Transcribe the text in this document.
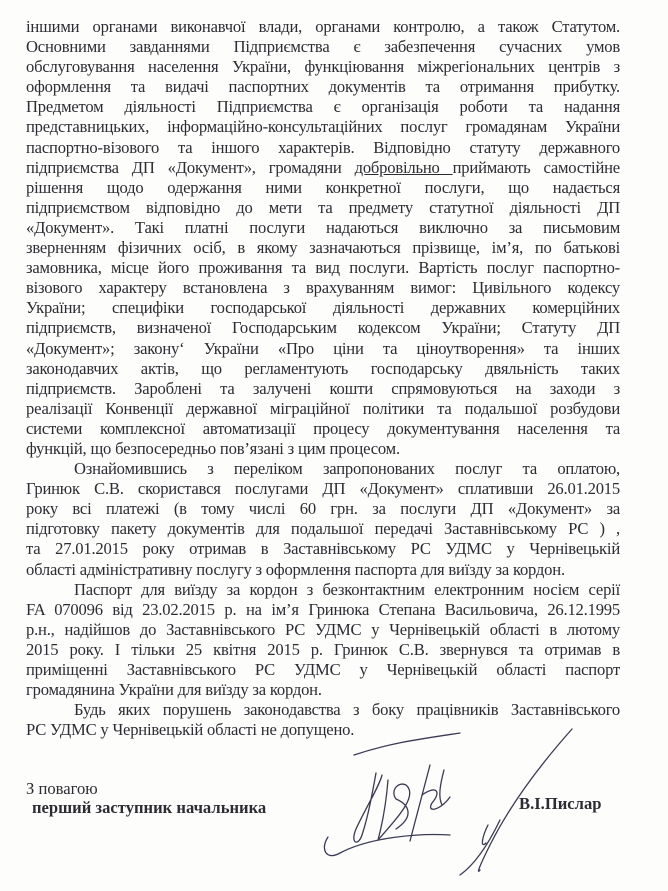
іншими органами виконавчої влади, органами контролю, а також Статутом.
Основними завданнями Підприємства є забезпечення сучасних умов
обслуговування населення України, функціювання міжрегіональних центрів з
оформлення та видачі паспортних документів та отримання прибутку.
Предметом діяльності Підприємства є організація роботи та надання
представницьких, інформаційно-консультаційних послуг громадянам України
паспортно-візового та іншого характерів. Відповідно статуту державного
підприємства ДП «Документ», громадяни добровільно приймають самостійне
рішення щодо одержання ними конкретної послуги, що надається
підприємством відповідно до мети та предмету статутної діяльності ДП
«Документ». Такі платні послуги надаються виключно за письмовим
зверненням фізичних осіб, в якому зазначаються прізвище, ім’я, по батькові
замовника, місце його проживання та вид послуги. Вартість послуг паспортно-
візового характеру встановлена з врахуванням вимог: Цивільного кодексу
України; специфіки господарської діяльності державних комерційних
підприємств, визначеної Господарським кодексом України; Статуту ДП
«Документ»; закону‘ України «Про ціни та ціноутворення» та інших
законодавчих актів, що регламентують господарську двяльність таких
підприємств. Зароблені та залучені кошти спрямовуються на заходи з
реалізації Конвенції державної міграційної політики та подальшої розбудови
системи комплексної автоматизації процесу документування населення та
функцій, що безпосередньо пов’язані з цим процесом.
Ознайомившись з переліком запропонованих послуг та оплатою,
Гринюк С.В. скористався послугами ДП «Документ» сплативши 26.01.2015
року всі платежі (в тому числі 60 грн. за послуги ДП «Документ» за
підготовку пакету документів для подальшої передачі Заставнівському РС ) ,
та 27.01.2015 року отримав в Заставнівському РС УДМС у Чернівецькій
області адміністративну послугу з оформлення паспорта для виїзду за кордон.
Паспорт для виїзду за кордон з безконтактним електронним носієм серії
FA 070096 від 23.02.2015 р. на ім’я Гринюка Степана Васильовича, 26.12.1995
р.н., надійшов до Заставнівського РС УДМС у Чернівецькій області в лютому
2015 року. І тільки 25 квітня 2015 р. Гринюк С.В. звернувся та отримав в
приміщенні Заставнівського РС УДМС у Чернівецькій області паспорт
громадянина України для виїзду за кордон.
Будь яких порушень законодавства з боку працівників Заставнівського
РС УДМС у Чернівецькій області не допущено.
З повагою
перший заступник начальника	В.І.Пислар
